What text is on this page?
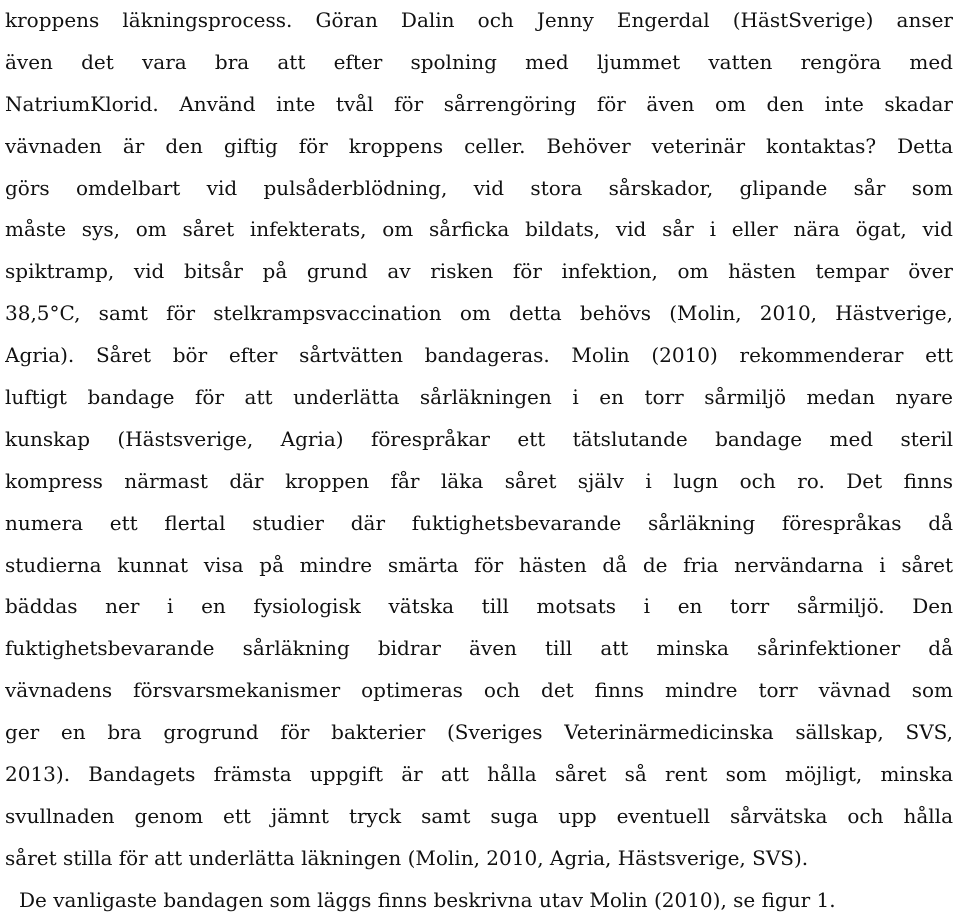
kroppens läkningsprocess. Göran Dalin och Jenny Engerdal (HästSverige) anser
även det vara bra att efter spolning med ljummet vatten rengöra med
NatriumKlorid. Använd inte tvål för sårrengöring för även om den inte skadar
vävnaden är den giftig för kroppens celler. Behöver veterinär kontaktas? Detta
görs omdelbart vid pulsåderblödning, vid stora sårskador, glipande sår som
måste sys, om såret infekterats, om sårficka bildats, vid sår i eller nära ögat, vid
spiktramp, vid bitsår på grund av risken för infektion, om hästen tempar över
38,5°C, samt för stelkrampsvaccination om detta behövs (Molin, 2010, Hästverige,
Agria). Såret bör efter sårtvätten bandageras. Molin (2010) rekommenderar ett
luftigt bandage för att underlätta sårläkningen i en torr sårmiljö medan nyare
kunskap (Hästsverige, Agria) förespråkar ett tätslutande bandage med steril
kompress närmast där kroppen får läka såret själv i lugn och ro. Det finns
numera ett flertal studier där fuktighetsbevarande sårläkning förespråkas då
studierna kunnat visa på mindre smärta för hästen då de fria nervändarna i såret
bäddas ner i en fysiologisk vätska till motsats i en torr sårmiljö. Den
fuktighetsbevarande sårläkning bidrar även till att minska sårinfektioner då
vävnadens försvarsmekanismer optimeras och det finns mindre torr vävnad som
ger en bra grogrund för bakterier (Sveriges Veterinärmedicinska sällskap, SVS,
2013). Bandagets främsta uppgift är att hålla såret så rent som möjligt, minska
svullnaden genom ett jämnt tryck samt suga upp eventuell sårvätska och hålla
såret stilla för att underlätta läkningen (Molin, 2010, Agria, Hästsverige, SVS).
De vanligaste bandagen som läggs finns beskrivna utav Molin (2010), se figur 1.
